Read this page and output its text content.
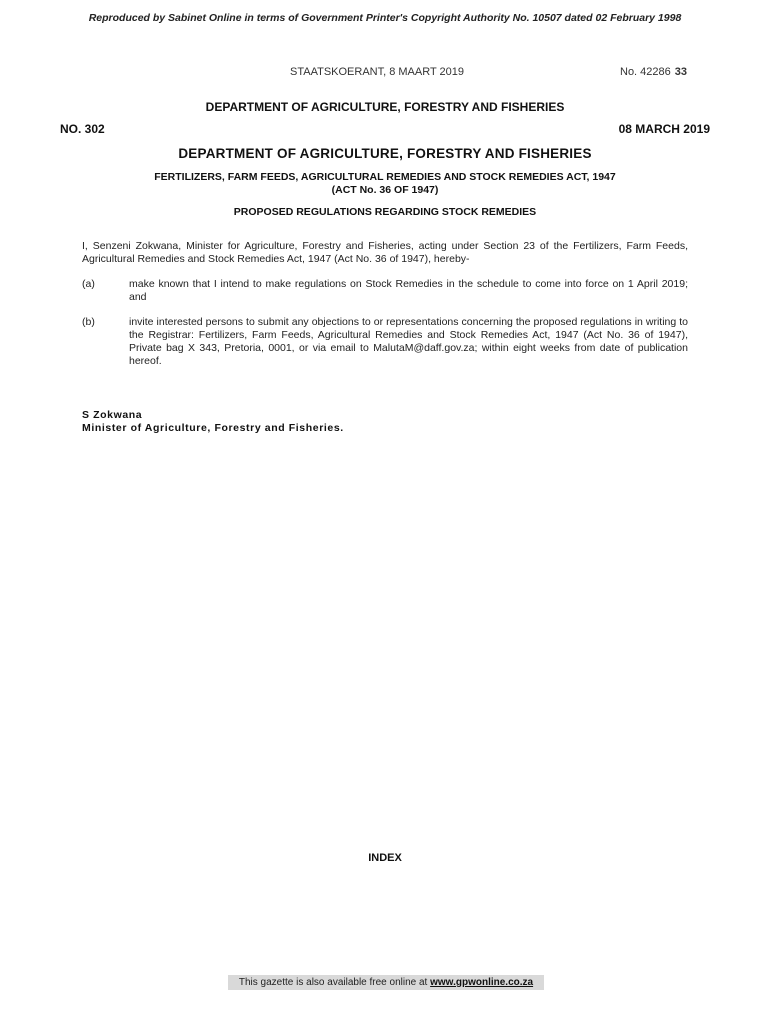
Reproduced by Sabinet Online in terms of Government Printer's Copyright Authority No. 10507 dated 02 February 1998
STAATSKOERANT, 8 MAART 2019	No. 42286 33
DEPARTMENT OF AGRICULTURE, FORESTRY AND FISHERIES
NO. 302	08 MARCH 2019
DEPARTMENT OF AGRICULTURE, FORESTRY AND FISHERIES
FERTILIZERS, FARM FEEDS, AGRICULTURAL REMEDIES AND STOCK REMEDIES ACT, 1947
(ACT No. 36 OF 1947)
PROPOSED REGULATIONS REGARDING STOCK REMEDIES
I, Senzeni Zokwana, Minister for Agriculture, Forestry and Fisheries, acting under Section 23 of the Fertilizers, Farm Feeds, Agricultural Remedies and Stock Remedies Act, 1947 (Act No. 36 of 1947), hereby-
(a)	make known that I intend to make regulations on Stock Remedies in the schedule to come into force on 1 April 2019; and
(b)	invite interested persons to submit any objections to or representations concerning the proposed regulations in writing to the Registrar: Fertilizers, Farm Feeds, Agricultural Remedies and Stock Remedies Act, 1947 (Act No. 36 of 1947), Private bag X 343, Pretoria, 0001, or via email to MalutaM@daff.gov.za; within eight weeks from date of publication hereof.
S Zokwana
Minister of Agriculture, Forestry and Fisheries.
INDEX
This gazette is also available free online at www.gpwonline.co.za
